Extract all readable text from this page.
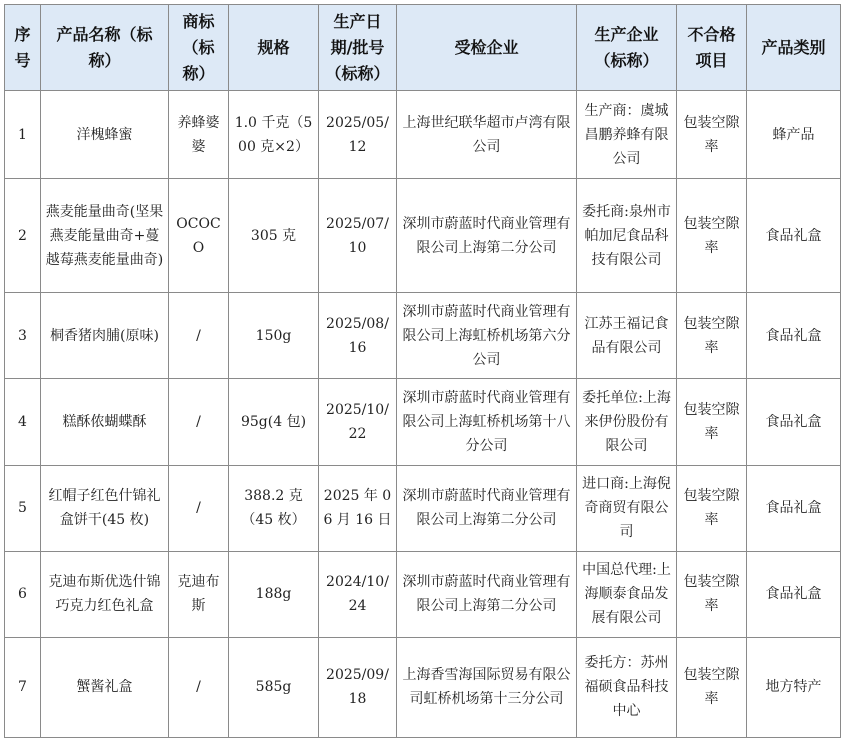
序号	产品名称（标称）	商标（标称）	规格	生产日期/批号（标称）	受检企业	生产企业（标称）	不合格项目	产品类别
1	洋槐蜂蜜	养蜂婆婆	1.0 千克（500 克×2）	2025/05/12	上海世纪联华超市卢湾有限公司	生产商：虞城昌鹏养蜂有限公司	包装空隙率	蜂产品
2	燕麦能量曲奇(坚果燕麦能量曲奇+蔓越莓燕麦能量曲奇)	OCOCO	305 克	2025/07/10	深圳市蔚蓝时代商业管理有限公司上海第二分公司	委托商:泉州市帕加尼食品科技有限公司	包装空隙率	食品礼盒
3	桐香猪肉脯(原味)	/	150g	2025/08/16	深圳市蔚蓝时代商业管理有限公司上海虹桥机场第六分公司	江苏王福记食品有限公司	包装空隙率	食品礼盒
4	糕酥侬蝴蝶酥	/	95g(4 包)	2025/10/22	深圳市蔚蓝时代商业管理有限公司上海虹桥机场第十八分公司	委托单位:上海来伊份股份有限公司	包装空隙率	食品礼盒
5	红帽子红色什锦礼盒饼干(45 枚)	/	388.2 克（45 枚）	2025 年 06 月 16 日	深圳市蔚蓝时代商业管理有限公司上海第二分公司	进口商:上海倪奇商贸有限公司	包装空隙率	食品礼盒
6	克迪布斯优选什锦巧克力红色礼盒	克迪布斯	188g	2024/10/24	深圳市蔚蓝时代商业管理有限公司上海第二分公司	中国总代理:上海顺泰食品发展有限公司	包装空隙率	食品礼盒
7	蟹酱礼盒	/	585g	2025/09/18	上海香雪海国际贸易有限公司虹桥机场第十三分公司	委托方：苏州福硕食品科技中心	包装空隙率	地方特产
